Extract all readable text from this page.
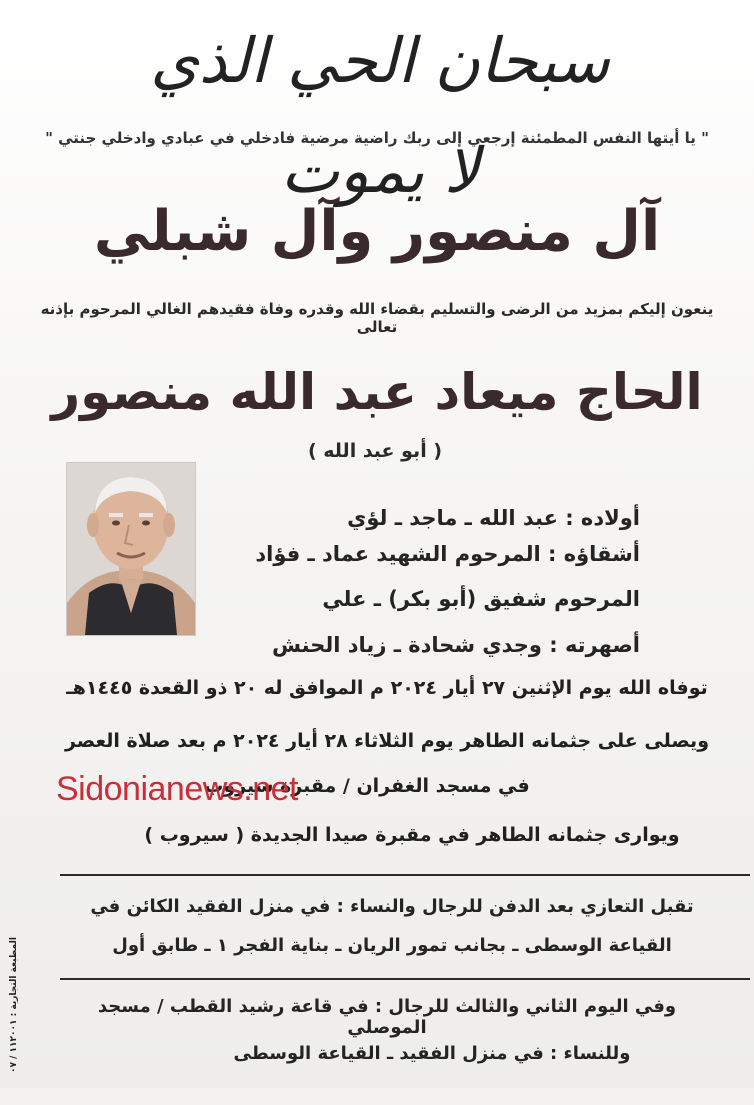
سبحان الحي الذي لا يموت
" يا أيتها النفس المطمئنة إرجعي إلى ربك راضية مرضية فادخلي في عبادي وادخلي جنتي "
آل منصور وآل شبلي
ينعون إليكم بمزيد من الرضى والتسليم بقضاء الله وقدره وفاة فقيدهم الغالي المرحوم بإذنه تعالى
الحاج ميعاد عبد الله منصور
( أبو عبد الله )
أولاده : عبد الله ـ ماجد ـ لؤي
أشقاؤه : المرحوم الشهيد عماد ـ فؤاد
المرحوم شفيق (أبو بكر) ـ علي
أصهرته : وجدي شحادة ـ زياد الحنش
توفاه الله يوم الإثنين ٢٧ أيار ٢٠٢٤ م الموافق له ٢٠ ذو القعدة ١٤٤٥هـ
ويصلى على جثمانه الطاهر يوم الثلاثاء ٢٨ أيار ٢٠٢٤ م بعد صلاة العصر
في مسجد الغفران / مقبرة سيروب
ويوارى جثمانه الطاهر في مقبرة صيدا الجديدة ( سيروب )
Sidonianews.net
تقبل التعازي بعد الدفن للرجال والنساء : في منزل الفقيد الكائن في
القياعة الوسطى ـ بجانب تمور الريان ـ بناية الفجر ١ ـ طابق أول
وفي اليوم الثاني والثالث للرجال : في قاعة رشيد القطب / مسجد الموصلي
وللنساء : في منزل الفقيد ـ القياعة الوسطى
المطبعة التجارية : ١١٢٠٠١ / ٠٧
